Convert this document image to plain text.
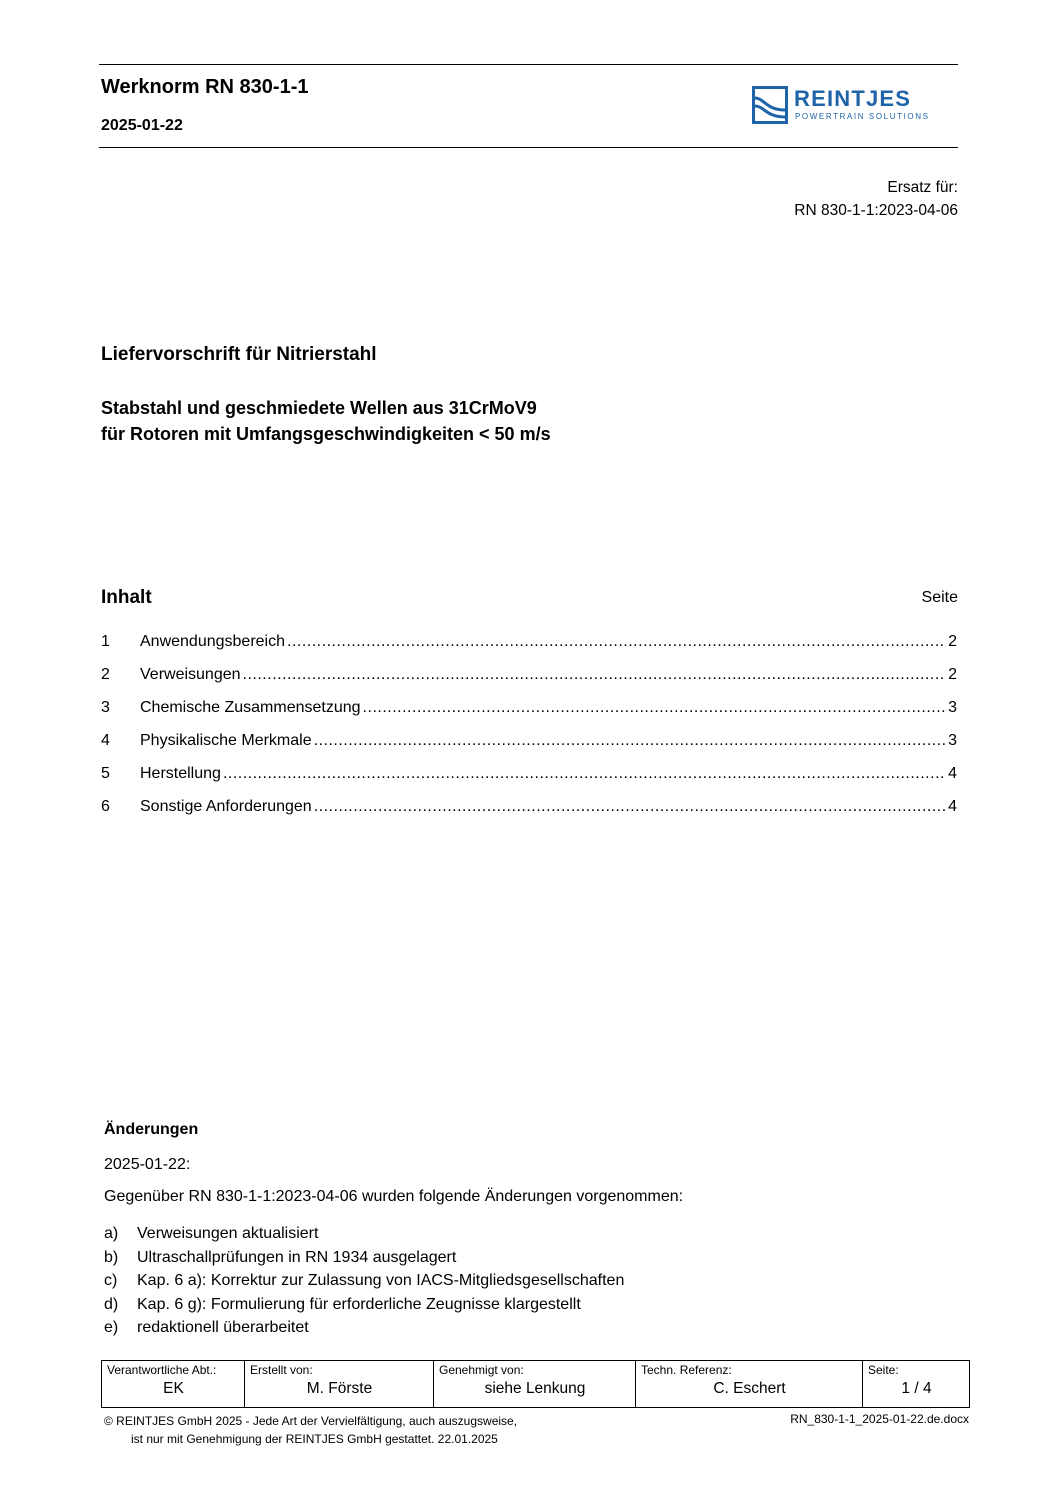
Werknorm RN 830-1-1
2025-01-22
REINTJES
POWERTRAIN SOLUTIONS
Ersatz für:
RN 830-1-1:2023-04-06
Liefervorschrift für Nitrierstahl
Stabstahl und geschmiedete Wellen aus 31CrMoV9
für Rotoren mit Umfangsgeschwindigkeiten < 50 m/s
Inhalt	Seite
1	Anwendungsbereich .....	2
2	Verweisungen .....	2
3	Chemische Zusammensetzung .....	3
4	Physikalische Merkmale .....	3
5	Herstellung .....	4
6	Sonstige Anforderungen .....	4
Änderungen
2025-01-22:
Gegenüber RN 830-1-1:2023-04-06 wurden folgende Änderungen vorgenommen:
a)	Verweisungen aktualisiert
b)	Ultraschallprüfungen in RN 1934 ausgelagert
c)	Kap. 6 a): Korrektur zur Zulassung von IACS-Mitgliedsgesellschaften
d)	Kap. 6 g): Formulierung für erforderliche Zeugnisse klargestellt
e)	redaktionell überarbeitet
Verantwortliche Abt.:
EK

Erstellt von:
M. Förste

Genehmigt von:
siehe Lenkung

Techn. Referenz:
C. Eschert

Seite:
1 / 4
© REINTJES GmbH 2025 - Jede Art der Vervielfältigung, auch auszugsweise,
ist nur mit Genehmigung der REINTJES GmbH gestattet. 22.01.2025
RN_830-1-1_2025-01-22.de.docx
